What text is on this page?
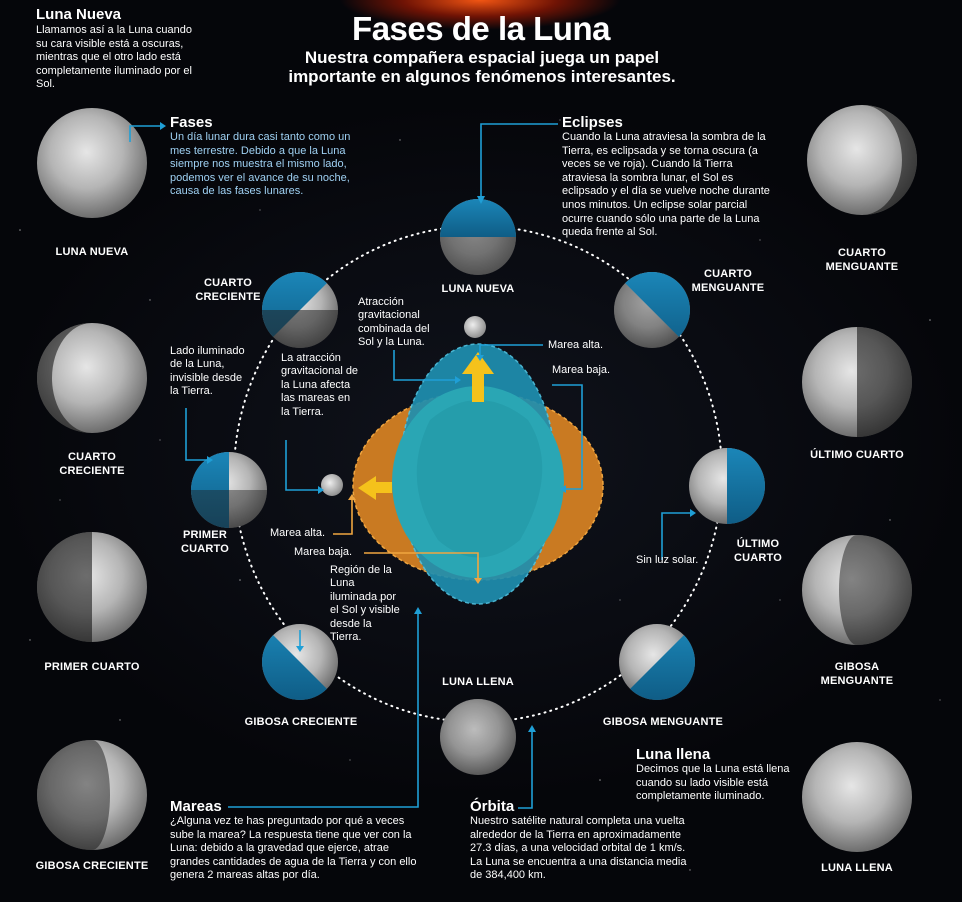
Fases de la Luna
Nuestra compañera espacial juega un papel importante en algunos fenómenos interesantes.
Luna Nueva
Llamamos así a la Luna cuando su cara visible está a oscuras, mientras que el otro lado está completamente iluminado por el Sol.
Fases
Un día lunar dura casi tanto como un mes terrestre. Debido a que la Luna siempre nos muestra el mismo lado, podemos ver el avance de su noche, causa de las fases lunares.
Eclipses
Cuando la Luna atraviesa la sombra de la Tierra, es eclipsada y se torna oscura (a veces se ve roja). Cuando la Tierra atraviesa la sombra lunar, el Sol es eclipsado y el día se vuelve noche durante unos minutos. Un eclipse solar parcial ocurre cuando sólo una parte de la Luna queda frente al Sol.
Mareas
¿Alguna vez te has preguntado por qué a veces sube la marea? La respuesta tiene que ver con la Luna: debido a la gravedad que ejerce, atrae grandes cantidades de agua de la Tierra y con ello genera 2 mareas altas por día.
Órbita
Nuestro satélite natural completa una vuelta alrededor de la Tierra en aproximadamente 27.3 días, a una velocidad orbital de 1 km/s. La Luna se encuentra a una distancia media de 384,400 km.
Luna llena
Decimos que la Luna está llena cuando su lado visible está completamente iluminado.
LUNA NUEVA
CUARTO CRECIENTE
PRIMER CUARTO
GIBOSA CRECIENTE
CUARTO MENGUANTE
ÚLTIMO CUARTO
GIBOSA MENGUANTE
LUNA LLENA
LUNA NUEVA
CUARTO CRECIENTE
CUARTO MENGUANTE
PRIMER CUARTO	ÚLTIMO CUARTO
GIBOSA CRECIENTE
LUNA LLENA
GIBOSA MENGUANTE
Lado iluminado de la Luna, invisible desde la Tierra.
La atracción gravitacional de la Luna afecta las mareas en la Tierra.
Atracción gravitacional combinada del Sol y la Luna.	Marea alta.
Marea baja.
Marea alta.
Marea baja.
Región de la Luna iluminada por el Sol y visible desde la Tierra.
Sin luz solar.
